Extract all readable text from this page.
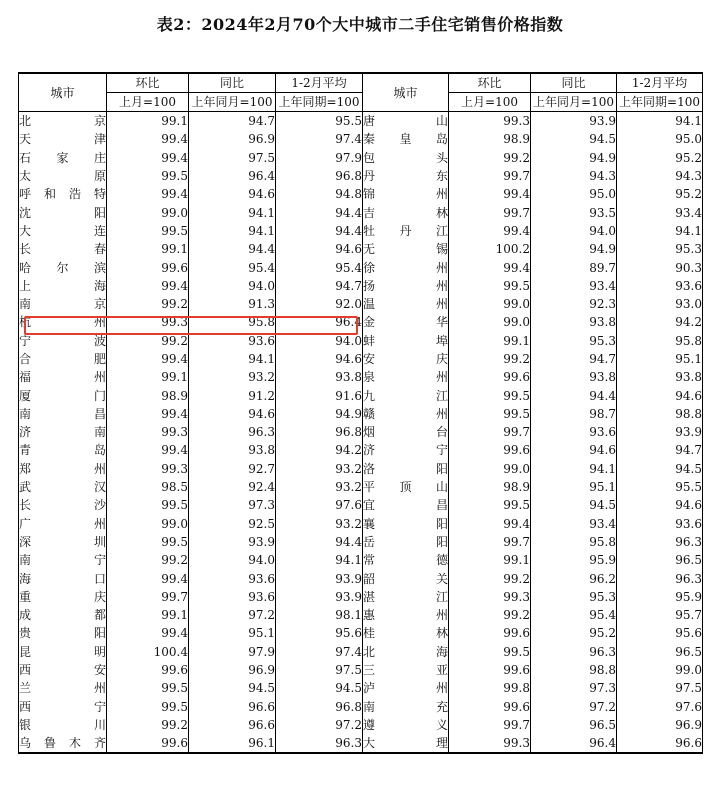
表2：2024年2月70个大中城市二手住宅销售价格指数
城市	环比	同比	1-2月平均	城市	环比	同比	1-2月平均
	上月=100	上年同月=100	上年同期=100		上月=100	上年同月=100	上年同期=100
北京	99.1	94.7	95.5	唐山	99.3	93.9	94.1
天津	99.4	96.9	97.4	秦皇岛	98.9	94.5	95.0
石家庄	99.4	97.5	97.9	包头	99.2	94.9	95.2
太原	99.5	96.4	96.8	丹东	99.7	94.3	94.3
呼和浩特	99.4	94.6	94.8	锦州	99.4	95.0	95.2
沈阳	99.0	94.1	94.4	吉林	99.7	93.5	93.4
大连	99.5	94.1	94.4	牡丹江	99.4	94.0	94.1
长春	99.1	94.4	94.6	无锡	100.2	94.9	95.3
哈尔滨	99.6	95.4	95.4	徐州	99.4	89.7	90.3
上海	99.4	94.0	94.7	扬州	99.5	93.4	93.6
南京	99.2	91.3	92.0	温州	99.0	92.3	93.0
杭州	99.3	95.8	96.4	金华	99.0	93.8	94.2
宁波	99.2	93.6	94.0	蚌埠	99.1	95.3	95.8
合肥	99.4	94.1	94.6	安庆	99.2	94.7	95.1
福州	99.1	93.2	93.8	泉州	99.6	93.8	93.8
厦门	98.9	91.2	91.6	九江	99.5	94.4	94.6
南昌	99.4	94.6	94.9	赣州	99.5	98.7	98.8
济南	99.3	96.3	96.8	烟台	99.7	93.6	93.9
青岛	99.4	93.8	94.2	济宁	99.6	94.6	94.7
郑州	99.3	92.7	93.2	洛阳	99.0	94.1	94.5
武汉	98.5	92.4	93.2	平顶山	98.9	95.1	95.5
长沙	99.5	97.3	97.6	宜昌	99.5	94.5	94.6
广州	99.0	92.5	93.2	襄阳	99.4	93.4	93.6
深圳	99.5	93.9	94.4	岳阳	99.7	95.8	96.3
南宁	99.2	94.0	94.1	常德	99.1	95.9	96.5
海口	99.4	93.6	93.9	韶关	99.2	96.2	96.3
重庆	99.7	93.6	93.9	湛江	99.3	95.3	95.9
成都	99.1	97.2	98.1	惠州	99.2	95.4	95.7
贵阳	99.4	95.1	95.6	桂林	99.6	95.2	95.6
昆明	100.4	97.9	97.4	北海	99.5	96.3	96.5
西安	99.6	96.9	97.5	三亚	99.6	98.8	99.0
兰州	99.5	94.5	94.5	泸州	99.8	97.3	97.5
西宁	99.5	96.6	96.8	南充	99.6	97.2	97.6
银川	99.2	96.6	97.2	遵义	99.7	96.5	96.9
乌鲁木齐	99.6	96.1	96.3	大理	99.3	96.4	96.6
